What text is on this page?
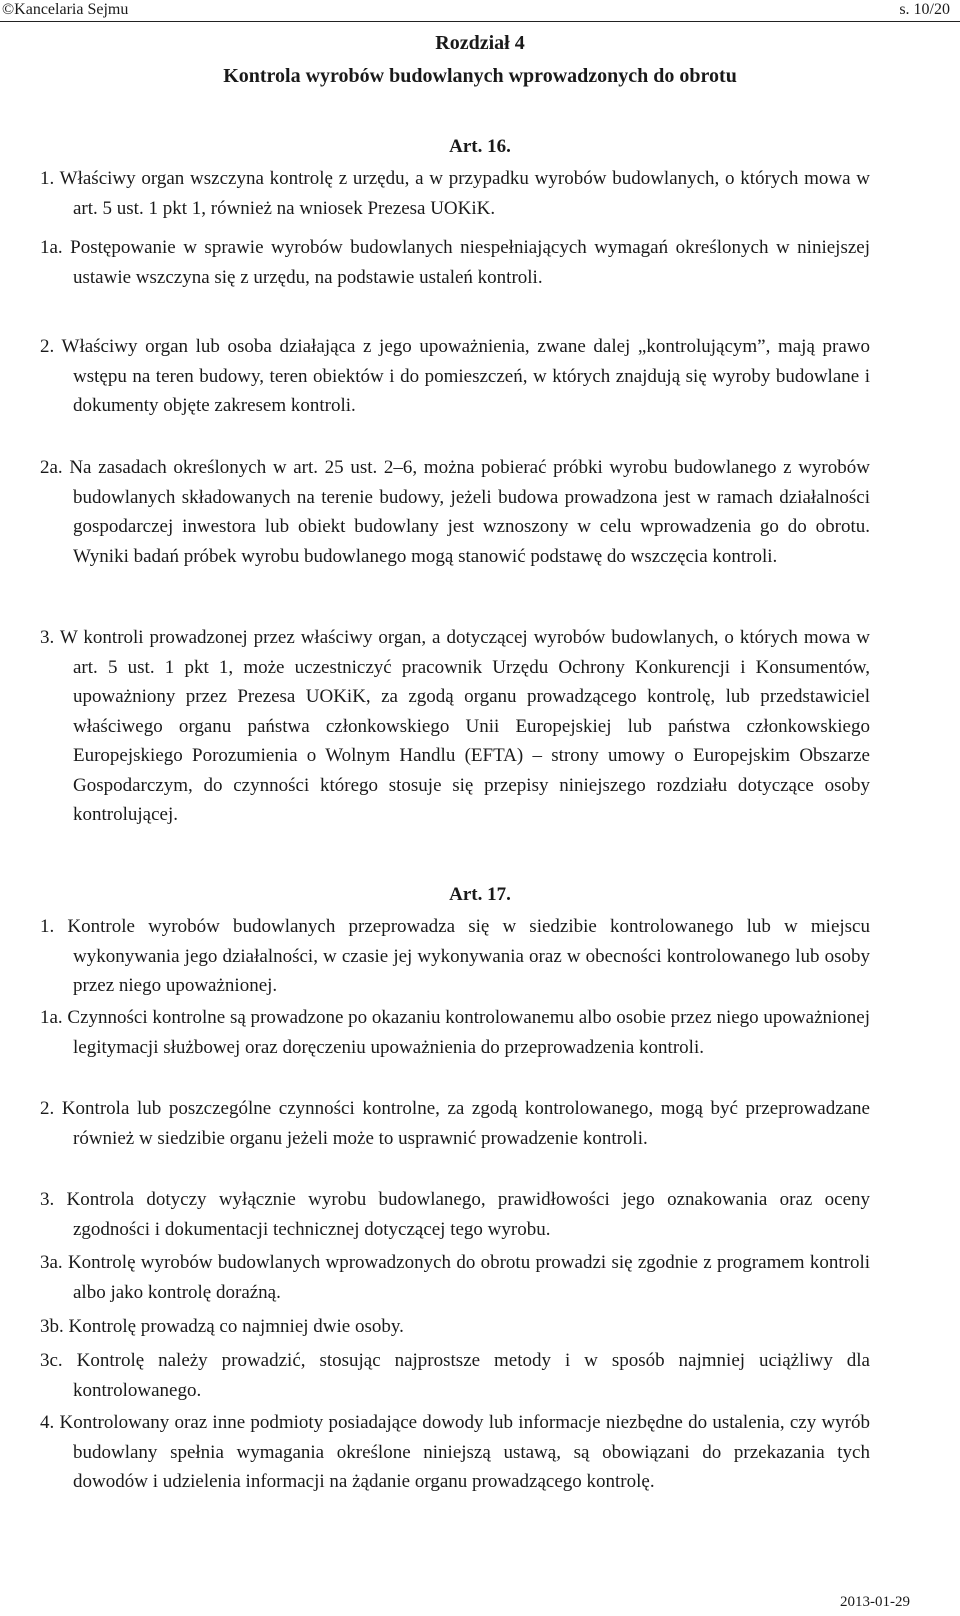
©Kancelaria Sejmu	s. 10/20
Rozdział 4
Kontrola wyrobów budowlanych wprowadzonych do obrotu
Art. 16.
1. Właściwy organ wszczyna kontrolę z urzędu, a w przypadku wyrobów budowlanych, o których mowa w art. 5 ust. 1 pkt 1, również na wniosek Prezesa UOKiK.
1a. Postępowanie w sprawie wyrobów budowlanych niespełniających wymagań określonych w niniejszej ustawie wszczyna się z urzędu, na podstawie ustaleń kontroli.
2. Właściwy organ lub osoba działająca z jego upoważnienia, zwane dalej „kontrolującym”, mają prawo wstępu na teren budowy, teren obiektów i do pomieszczeń, w których znajdują się wyroby budowlane i dokumenty objęte zakresem kontroli.
2a. Na zasadach określonych w art. 25 ust. 2–6, można pobierać próbki wyrobu budowlanego z wyrobów budowlanych składowanych na terenie budowy, jeżeli budowa prowadzona jest w ramach działalności gospodarczej inwestora lub obiekt budowlany jest wznoszony w celu wprowadzenia go do obrotu. Wyniki badań próbek wyrobu budowlanego mogą stanowić podstawę do wszczęcia kontroli.
3. W kontroli prowadzonej przez właściwy organ, a dotyczącej wyrobów budowlanych, o których mowa w art. 5 ust. 1 pkt 1, może uczestniczyć pracownik Urzędu Ochrony Konkurencji i Konsumentów, upoważniony przez Prezesa UOKiK, za zgodą organu prowadzącego kontrolę, lub przedstawiciel właściwego organu państwa członkowskiego Unii Europejskiej lub państwa członkowskiego Europejskiego Porozumienia o Wolnym Handlu (EFTA) – strony umowy o Europejskim Obszarze Gospodarczym, do czynności którego stosuje się przepisy niniejszego rozdziału dotyczące osoby kontrolującej.
Art. 17.
1. Kontrole wyrobów budowlanych przeprowadza się w siedzibie kontrolowanego lub w miejscu wykonywania jego działalności, w czasie jej wykonywania oraz w obecności kontrolowanego lub osoby przez niego upoważnionej.
1a. Czynności kontrolne są prowadzone po okazaniu kontrolowanemu albo osobie przez niego upoważnionej legitymacji służbowej oraz doręczeniu upoważnienia do przeprowadzenia kontroli.
2. Kontrola lub poszczególne czynności kontrolne, za zgodą kontrolowanego, mogą być przeprowadzane również w siedzibie organu jeżeli może to usprawnić prowadzenie kontroli.
3. Kontrola dotyczy wyłącznie wyrobu budowlanego, prawidłowości jego oznakowania oraz oceny zgodności i dokumentacji technicznej dotyczącej tego wyrobu.
3a. Kontrolę wyrobów budowlanych wprowadzonych do obrotu prowadzi się zgodnie z programem kontroli albo jako kontrolę doraźną.
3b. Kontrolę prowadzą co najmniej dwie osoby.
3c. Kontrolę należy prowadzić, stosując najprostsze metody i w sposób najmniej uciążliwy dla kontrolowanego.
4. Kontrolowany oraz inne podmioty posiadające dowody lub informacje niezbędne do ustalenia, czy wyrób budowlany spełnia wymagania określone niniejszą ustawą, są obowiązani do przekazania tych dowodów i udzielenia informacji na żądanie organu prowadzącego kontrolę.
2013-01-29
